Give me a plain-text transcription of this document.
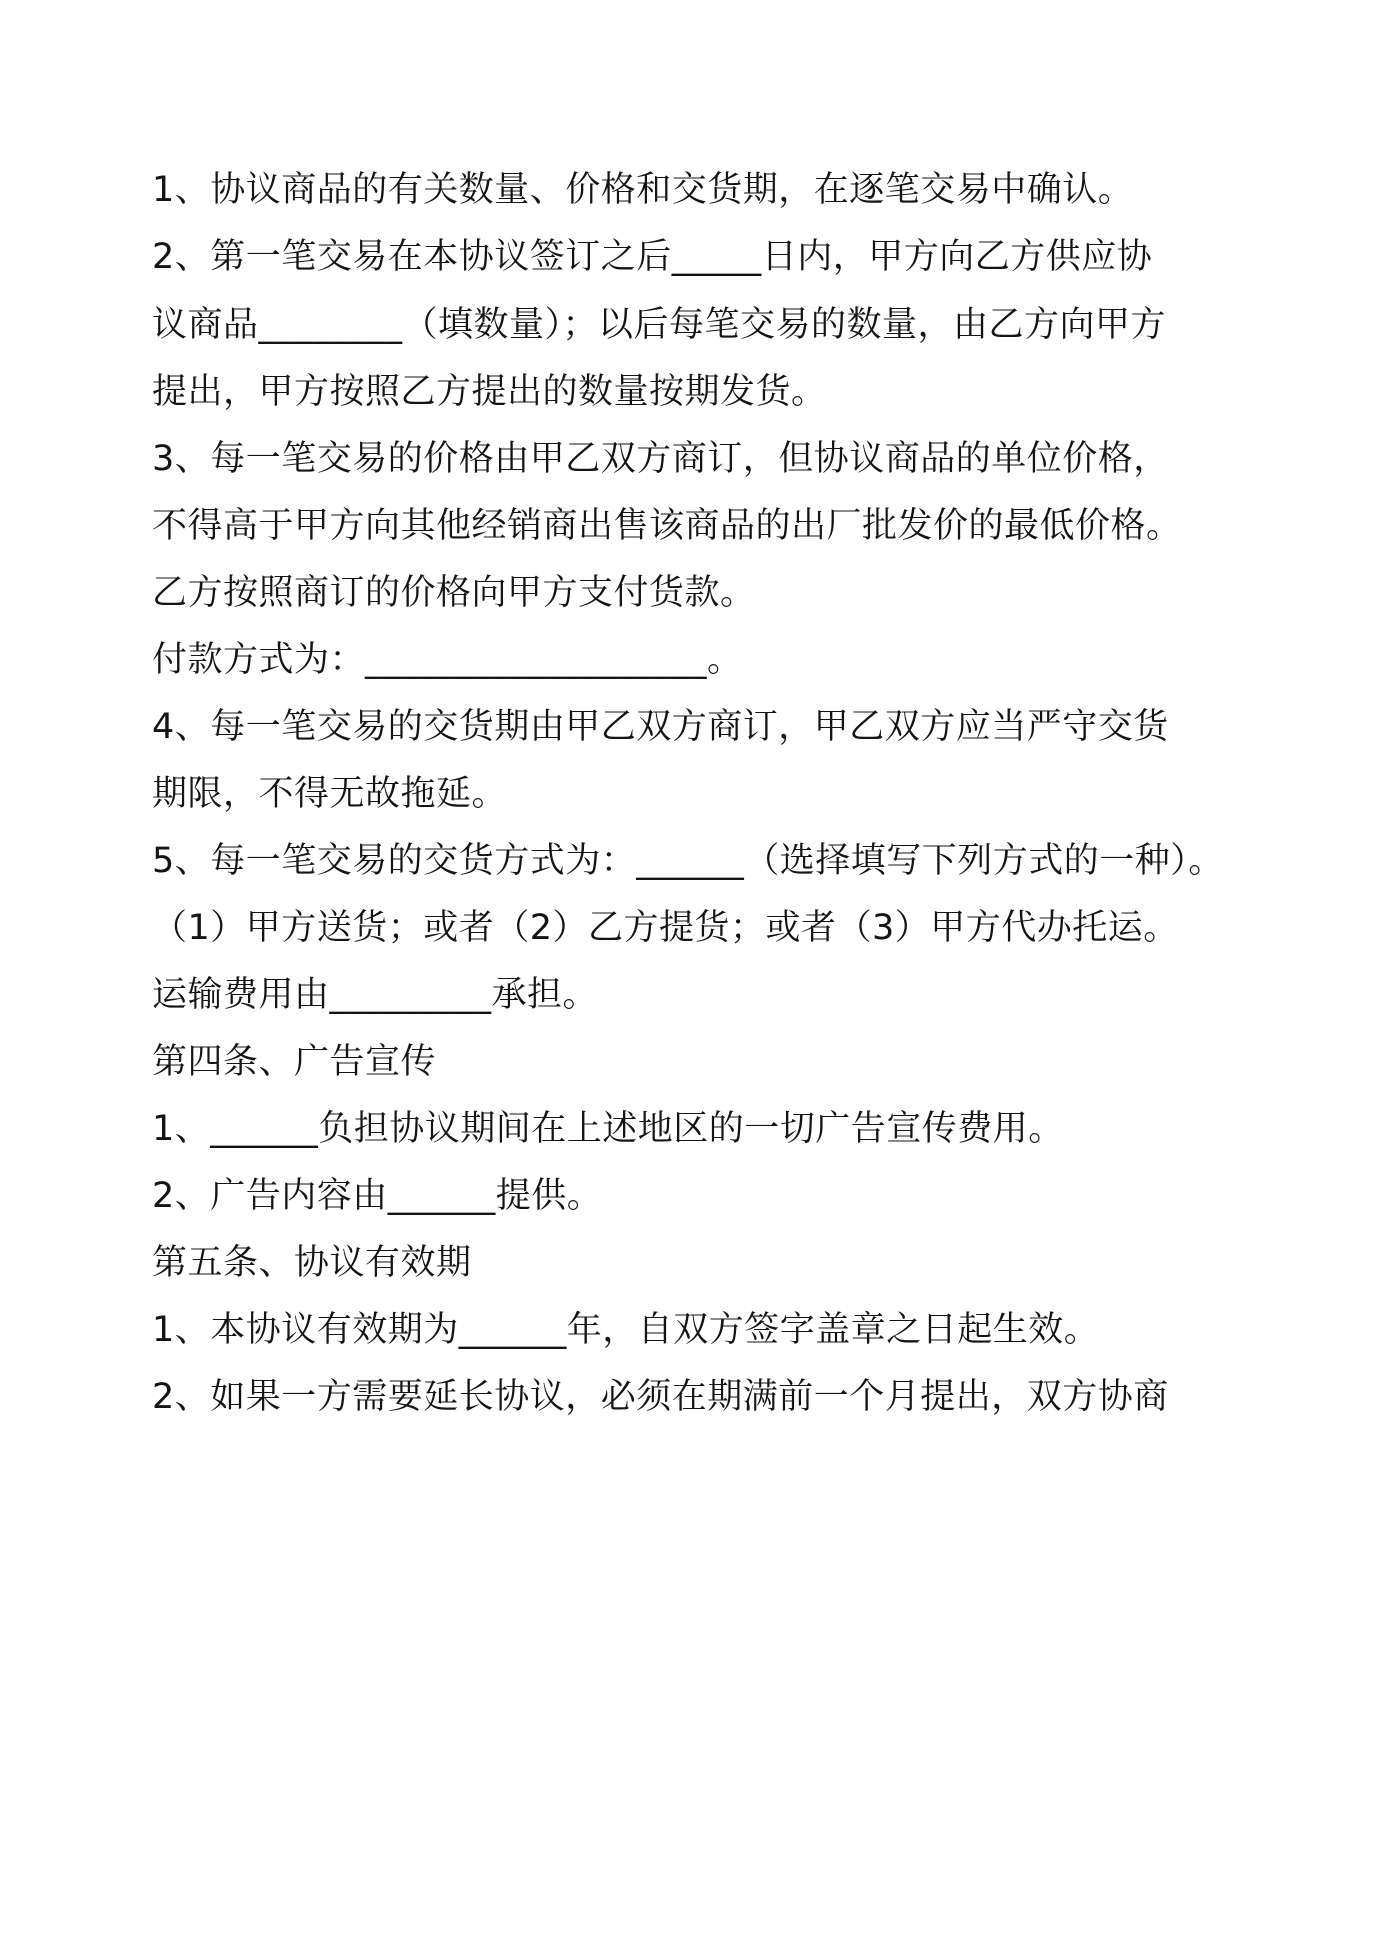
1、协议商品的有关数量、价格和交货期，在逐笔交易中确认。
2、第一笔交易在本协议签订之后_____日内，甲方向乙方供应协
议商品________（填数量）；以后每笔交易的数量，由乙方向甲方
提出，甲方按照乙方提出的数量按期发货。
3、每一笔交易的价格由甲乙双方商订，但协议商品的单位价格，
不得高于甲方向其他经销商出售该商品的出厂批发价的最低价格。
乙方按照商订的价格向甲方支付货款。
付款方式为：___________________。
4、每一笔交易的交货期由甲乙双方商订，甲乙双方应当严守交货
期限，不得无故拖延。
5、每一笔交易的交货方式为：______（选择填写下列方式的一种）。
（1）甲方送货；或者（2）乙方提货；或者（3）甲方代办托运。
运输费用由_________承担。
第四条、广告宣传
1、______负担协议期间在上述地区的一切广告宣传费用。
2、广告内容由______提供。
第五条、协议有效期
1、本协议有效期为______年，自双方签字盖章之日起生效。
2、如果一方需要延长协议，必须在期满前一个月提出，双方协商
